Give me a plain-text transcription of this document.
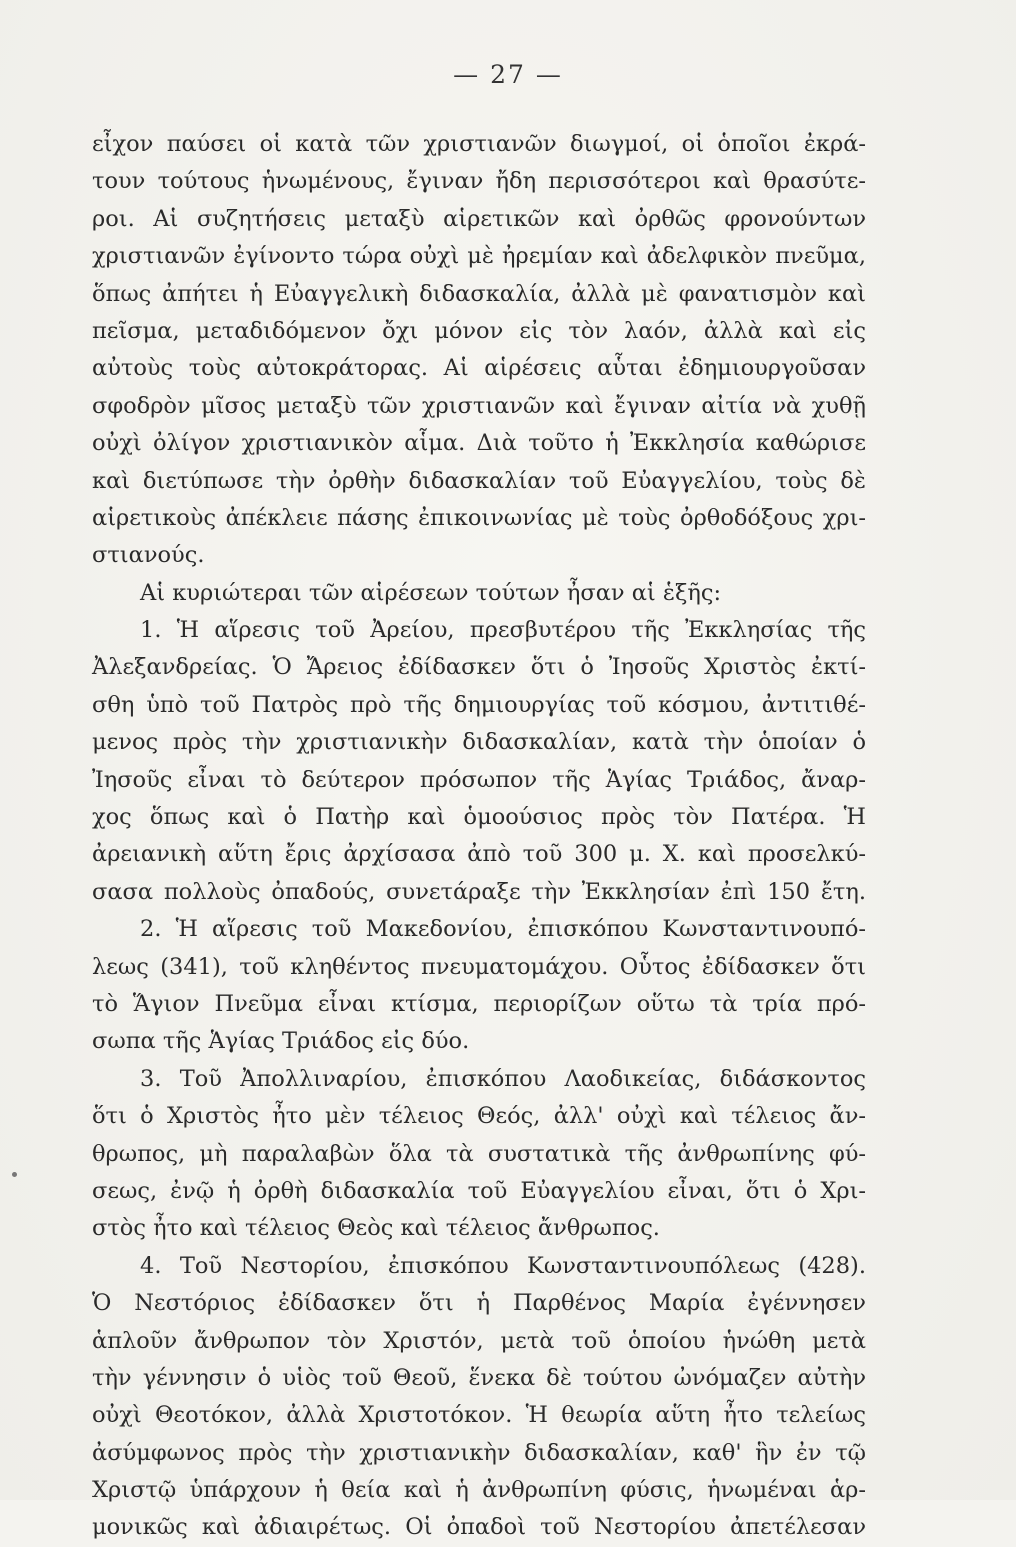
— 27 —
εἶχον παύσει οἱ κατὰ τῶν χριστιανῶν διωγμοί, οἱ ὁποῖοι ἐκρά-
τουν τούτους ἡνωμένους, ἔγιναν ἤδη περισσότεροι καὶ θρασύτε-
ροι. Αἱ συζητήσεις μεταξὺ αἱρετικῶν καὶ ὀρθῶς φρονούντων
χριστιανῶν ἐγίνοντο τώρα οὐχὶ μὲ ἠρεμίαν καὶ ἀδελφικὸν πνεῦμα,
ὅπως ἀπήτει ἡ Εὐαγγελικὴ διδασκαλία, ἀλλὰ μὲ φανατισμὸν καὶ
πεῖσμα, μεταδιδόμενον ὄχι μόνον εἰς τὸν λαόν, ἀλλὰ καὶ εἰς
αὐτοὺς τοὺς αὐτοκράτορας. Αἱ αἱρέσεις αὗται ἐδημιουργοῦσαν
σφοδρὸν μῖσος μεταξὺ τῶν χριστιανῶν καὶ ἔγιναν αἰτία νὰ χυθῇ
οὐχὶ ὀλίγον χριστιανικὸν αἷμα. Διὰ τοῦτο ἡ Ἐκκλησία καθώρισε
καὶ διετύπωσε τὴν ὀρθὴν διδασκαλίαν τοῦ Εὐαγγελίου, τοὺς δὲ
αἱρετικοὺς ἀπέκλειε πάσης ἐπικοινωνίας μὲ τοὺς ὀρθοδόξους χρι-
στιανούς.
Αἱ κυριώτεραι τῶν αἱρέσεων τούτων ἦσαν αἱ ἑξῆς:
1. Ἡ αἵρεσις τοῦ Ἀρείου, πρεσβυτέρου τῆς Ἐκκλησίας τῆς
Ἀλεξανδρείας. Ὁ Ἄρειος ἐδίδασκεν ὅτι ὁ Ἰησοῦς Χριστὸς ἐκτί-
σθη ὑπὸ τοῦ Πατρὸς πρὸ τῆς δημιουργίας τοῦ κόσμου, ἀντιτιθέ-
μενος πρὸς τὴν χριστιανικὴν διδασκαλίαν, κατὰ τὴν ὁποίαν ὁ
Ἰησοῦς εἶναι τὸ δεύτερον πρόσωπον τῆς Ἁγίας Τριάδος, ἄναρ-
χος ὅπως καὶ ὁ Πατὴρ καὶ ὁμοούσιος πρὸς τὸν Πατέρα. Ἡ
ἀρειανικὴ αὕτη ἔρις ἀρχίσασα ἀπὸ τοῦ 300 μ. Χ. καὶ προσελκύ-
σασα πολλοὺς ὀπαδούς, συνετάραξε τὴν Ἐκκλησίαν ἐπὶ 150 ἔτη.
2. Ἡ αἵρεσις τοῦ Μακεδονίου, ἐπισκόπου Κωνσταντινουπό-
λεως (341), τοῦ κληθέντος πνευματομάχου. Οὗτος ἐδίδασκεν ὅτι
τὸ Ἅγιον Πνεῦμα εἶναι κτίσμα, περιορίζων οὕτω τὰ τρία πρό-
σωπα τῆς Ἁγίας Τριάδος εἰς δύο.
3. Τοῦ Ἀπολλιναρίου, ἐπισκόπου Λαοδικείας, διδάσκοντος
ὅτι ὁ Χριστὸς ἦτο μὲν τέλειος Θεός, ἀλλ' οὐχὶ καὶ τέλειος ἄν-
θρωπος, μὴ παραλαβὼν ὅλα τὰ συστατικὰ τῆς ἀνθρωπίνης φύ-
σεως, ἐνῷ ἡ ὀρθὴ διδασκαλία τοῦ Εὐαγγελίου εἶναι, ὅτι ὁ Χρι-
στὸς ἦτο καὶ τέλειος Θεὸς καὶ τέλειος ἄνθρωπος.
4. Τοῦ Νεστορίου, ἐπισκόπου Κωνσταντινουπόλεως (428).
Ὁ Νεστόριος ἐδίδασκεν ὅτι ἡ Παρθένος Μαρία ἐγέννησεν
ἁπλοῦν ἄνθρωπον τὸν Χριστόν, μετὰ τοῦ ὁποίου ἡνώθη μετὰ
τὴν γέννησιν ὁ υἱὸς τοῦ Θεοῦ, ἕνεκα δὲ τούτου ὠνόμαζεν αὐτὴν
οὐχὶ Θεοτόκον, ἀλλὰ Χριστοτόκον. Ἡ θεωρία αὕτη ἦτο τελείως
ἀσύμφωνος πρὸς τὴν χριστιανικὴν διδασκαλίαν, καθ' ἣν ἐν τῷ
Χριστῷ ὑπάρχουν ἡ θεία καὶ ἡ ἀνθρωπίνη φύσις, ἡνωμέναι ἁρ-
μονικῶς καὶ ἀδιαιρέτως. Οἱ ὀπαδοὶ τοῦ Νεστορίου ἀπετέλεσαν
